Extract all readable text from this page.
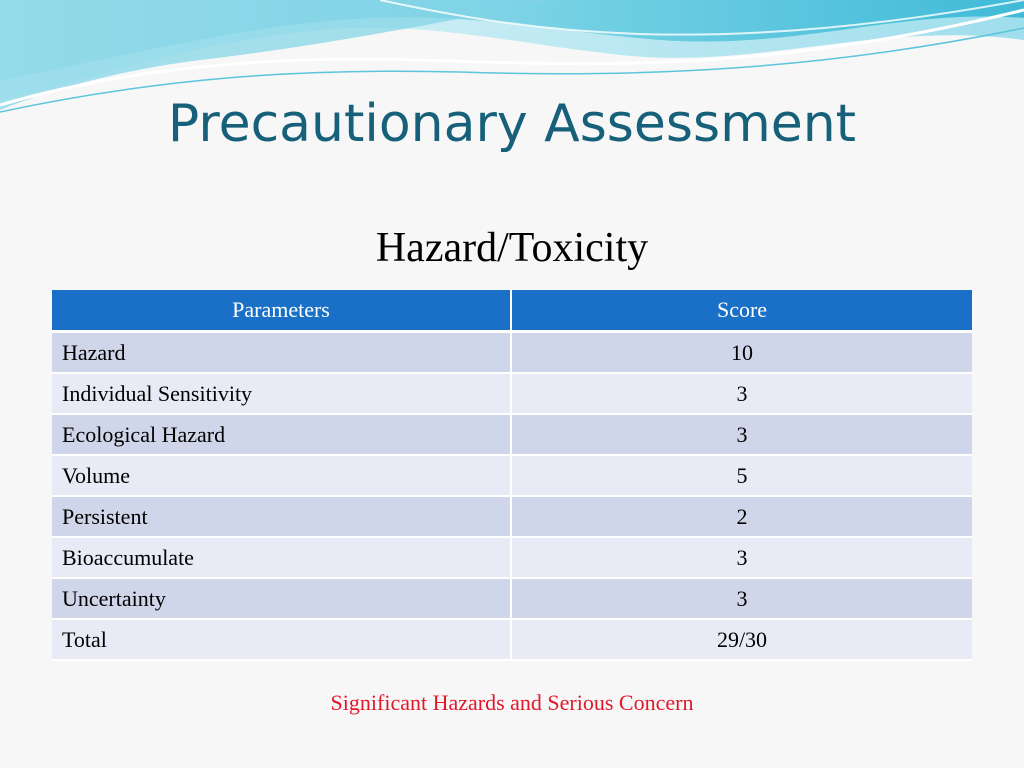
Precautionary Assessment
Hazard/Toxicity
Parameters	Score
Hazard	10
Individual Sensitivity	3
Ecological Hazard	3
Volume	5
Persistent	2
Bioaccumulate	3
Uncertainty	3
Total	29/30
Significant Hazards and Serious Concern
